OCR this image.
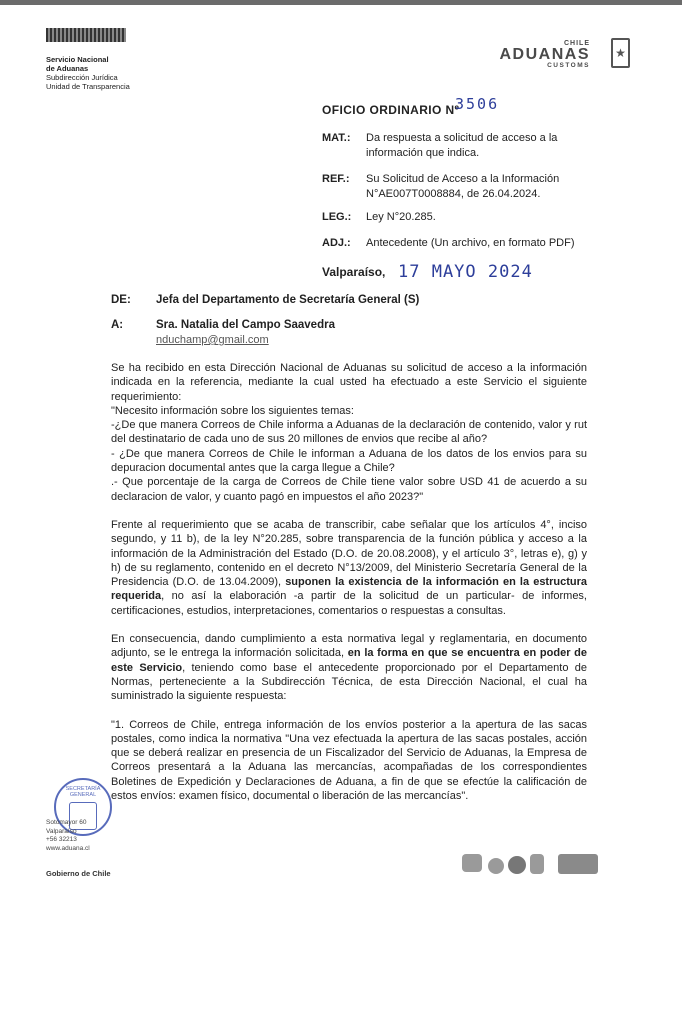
Servicio Nacional
de Aduanas
Subdirección Jurídica
Unidad de Transparencia
CHILE
ADUANAS
CUSTOMS
★
OFICIO ORDINARIO Nº
3506
MAT.: Da respuesta a solicitud de acceso a la información que indica.
REF.: Su Solicitud de Acceso a la Información N°AE007T0008884, de 26.04.2024.
LEG.: Ley N°20.285.
ADJ.: Antecedente (Un archivo, en formato PDF)
Valparaíso, 17 MAYO 2024
DE: Jefa del Departamento de Secretaría General (S)
A:	Sra. Natalia del Campo Saavedra
nduchamp@gmail.com

Se ha recibido en esta Dirección Nacional de Aduanas su solicitud de acceso a la información indicada en la referencia, mediante la cual usted ha efectuado a este Servicio el siguiente requerimiento:
"Necesito información sobre los siguientes temas:
-¿De que manera Correos de Chile informa a Aduanas de la declaración de contenido, valor y rut del destinatario de cada uno de sus 20 millones de envios que recibe al año?
- ¿De que manera Correos de Chile le informan a Aduana de los datos de los envios para su depuracion documental antes que la carga llegue a Chile?
.- Que porcentaje de la carga de Correos de Chile tiene valor sobre USD 41 de acuerdo a su declaracion de valor, y cuanto pagó en impuestos el año 2023?"

Frente al requerimiento que se acaba de transcribir, cabe señalar que los artículos 4°, inciso segundo, y 11 b), de la ley N°20.285, sobre transparencia de la función pública y acceso a la información de la Administración del Estado (D.O. de 20.08.2008), y el artículo 3°, letras e), g) y h) de su reglamento, contenido en el decreto N°13/2009, del Ministerio Secretaría General de la Presidencia (D.O. de 13.04.2009), suponen la existencia de la información en la estructura requerida, no así la elaboración -a partir de la solicitud de un particular- de informes, certificaciones, estudios, interpretaciones, comentarios o respuestas a consultas.

En consecuencia, dando cumplimiento a esta normativa legal y reglamentaria, en documento adjunto, se le entrega la información solicitada, en la forma en que se encuentra en poder de este Servicio, teniendo como base el antecedente proporcionado por el Departamento de Normas, perteneciente a la Subdirección Técnica, de esta Dirección Nacional, el cual ha suministrado la siguiente respuesta:

"1. Correos de Chile, entrega información de los envíos posterior a la apertura de las sacas postales, como indica la normativa "Una vez efectuada la apertura de las sacas postales, acción que se deberá realizar en presencia de un Fiscalizador del Servicio de Aduanas, la Empresa de Correos presentará a la Aduana las mercancías, acompañadas de los correspondientes Boletines de Expedición y Declaraciones de Aduana, a fin de que se efectúe la calificación de estos envíos: examen físico, documental o liberación de las mercancías".

SECRETARÍA GENERAL
Sotomayor 60
Valparaíso
+56 32213
www.aduana.cl
Gobierno de Chile
